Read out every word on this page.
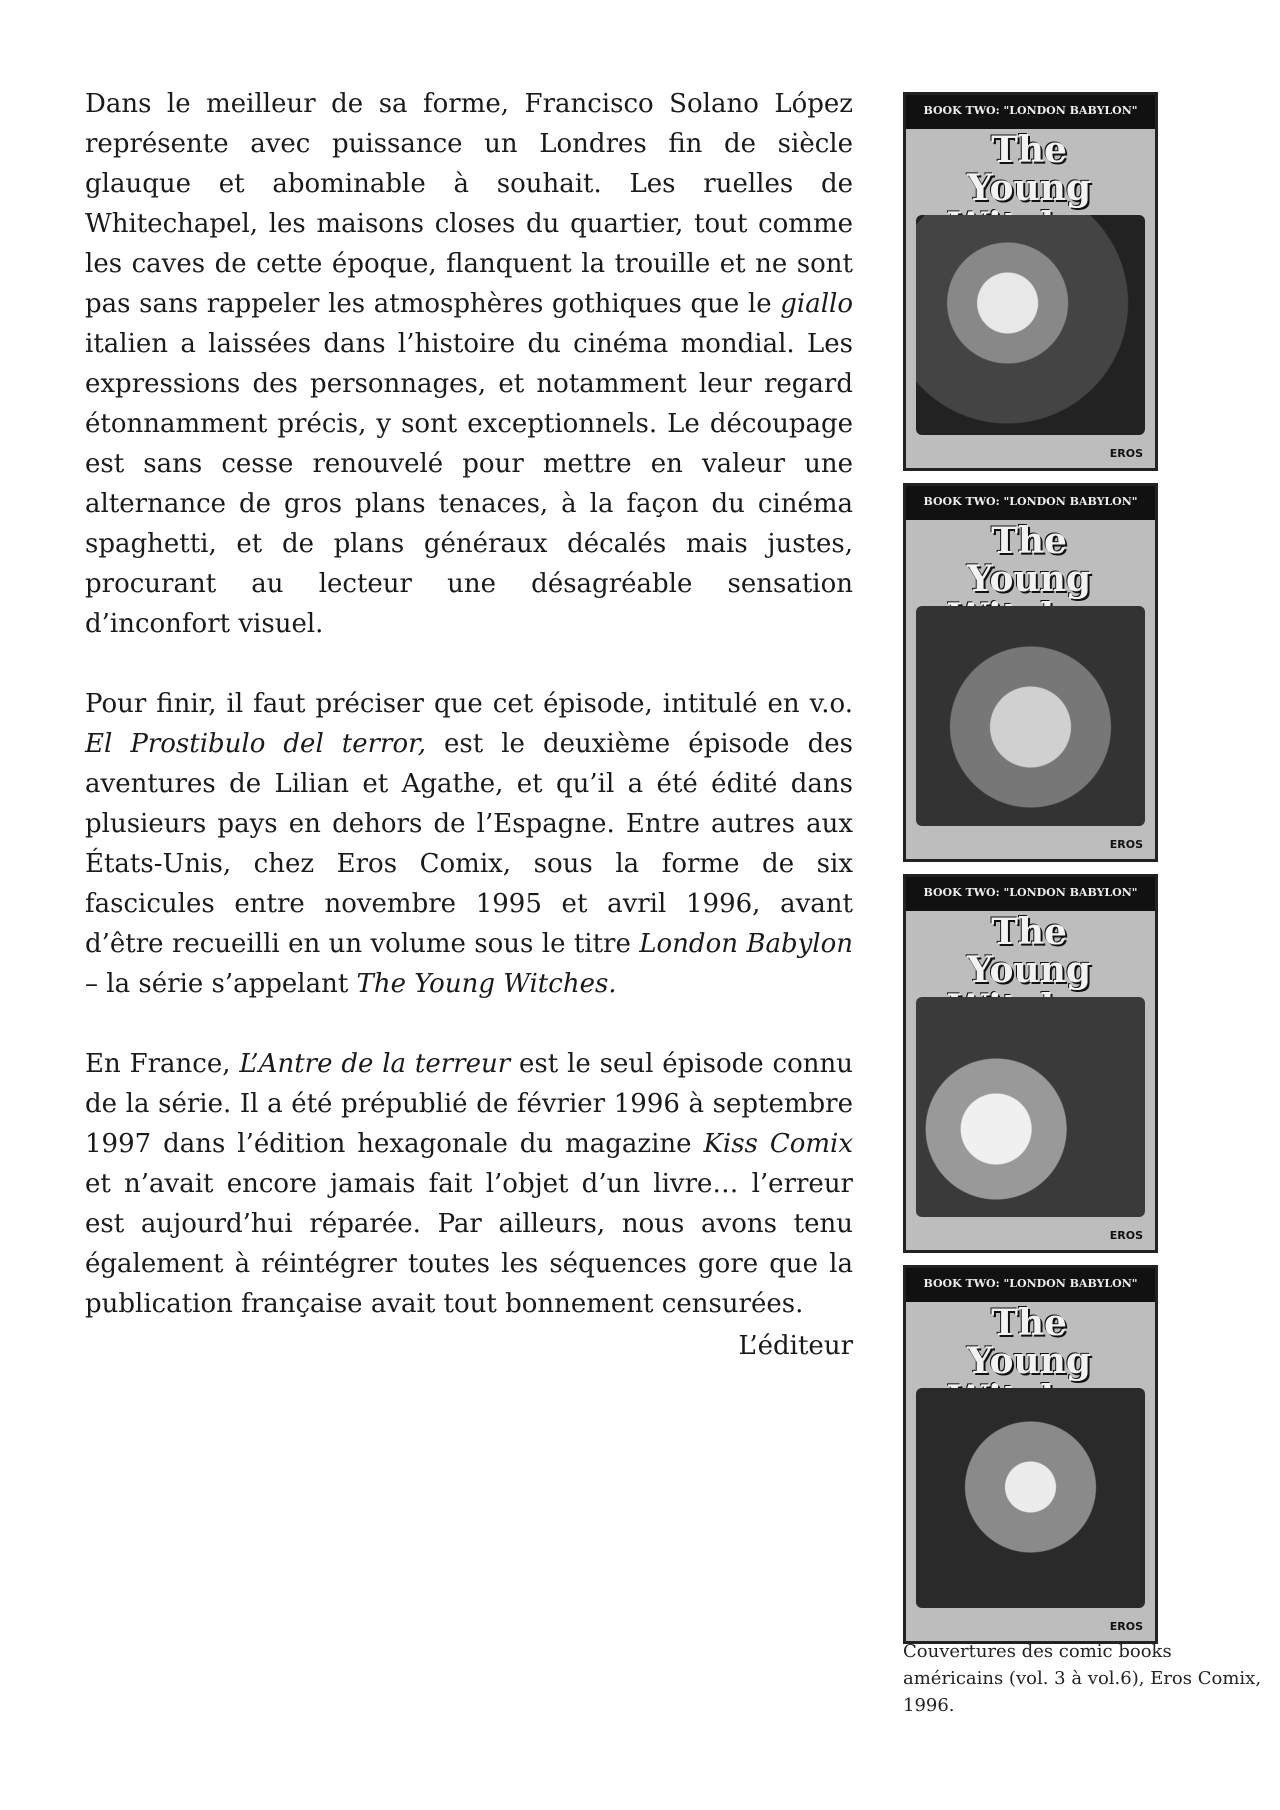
Dans le meilleur de sa forme, Francisco Solano López représente avec puissance un Londres fin de siècle glauque et abominable à souhait. Les ruelles de Whitechapel, les maisons closes du quartier, tout comme les caves de cette époque, flanquent la trouille et ne sont pas sans rappeler les atmosphères gothiques que le giallo italien a laissées dans l’histoire du cinéma mondial. Les expressions des personnages, et notamment leur regard étonnamment précis, y sont exceptionnels. Le découpage est sans cesse renouvelé pour mettre en valeur une alternance de gros plans tenaces, à la façon du cinéma spaghetti, et de plans généraux décalés mais justes, procurant au lecteur une désagréable sensation d’inconfort visuel.

Pour finir, il faut préciser que cet épisode, intitulé en v.o. El Prostibulo del terror, est le deuxième épisode des aventures de Lilian et Agathe, et qu’il a été édité dans plusieurs pays en dehors de l’Espagne. Entre autres aux États-Unis, chez Eros Comix, sous la forme de six fascicules entre novembre 1995 et avril 1996, avant d’être recueilli en un volume sous le titre London Babylon – la série s’appelant The Young Witches.

En France, L’Antre de la terreur est le seul épisode connu de la série. Il a été prépublié de février 1996 à septembre 1997 dans l’édition hexagonale du magazine Kiss Comix et n’avait encore jamais fait l’objet d’un livre… l’erreur est aujourd’hui réparée. Par ailleurs, nous avons tenu également à réintégrer toutes les séquences gore que la publication française avait tout bonnement censurées.

L’éditeur
BOOK TWO: "LONDON BABYLON"
The Young
EROS
BOOK TWO: "LONDON BABYLON"
The Young
EROS
BOOK TWO: "LONDON BABYLON"
The Young
EROS
BOOK TWO: "LONDON BABYLON"
The Young
EROS
Couvertures des comic books américains (vol. 3 à vol.6), Eros Comix, 1996.
